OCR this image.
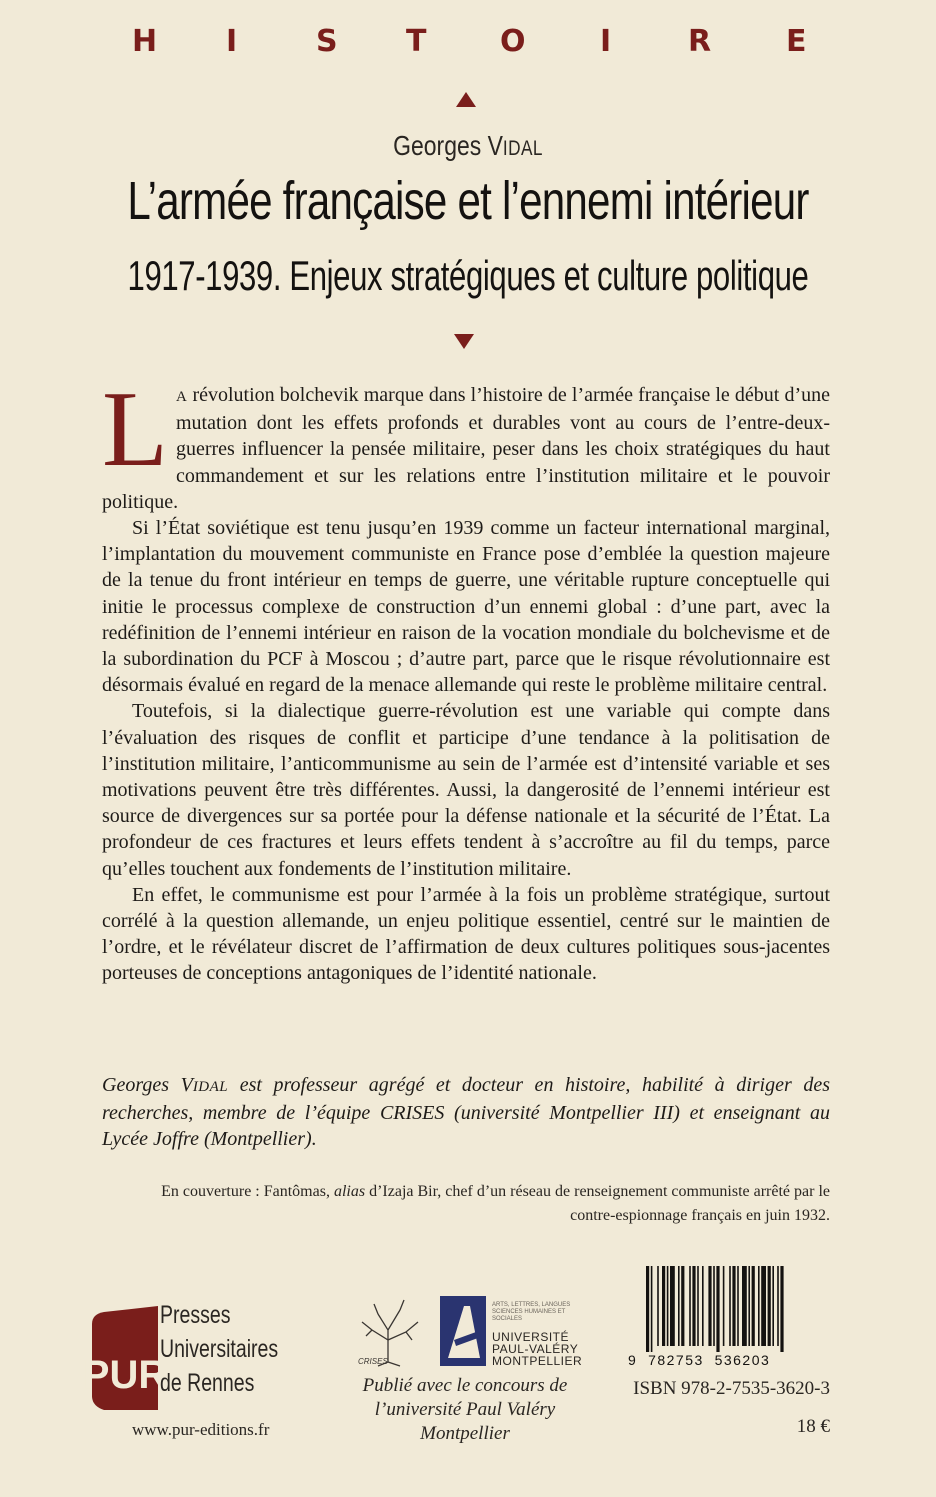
H I	S T O I	R E
Georges VIDAL
L’armée française et l’ennemi intérieur
1917-1939. Enjeux stratégiques et culture politique

L A révolution bolchevik marque dans l’histoire de l’armée française le début d’une mutation dont les effets profonds et durables vont au cours de l’entre-deux-guerres influencer la pensée militaire, peser dans les choix stratégiques du haut commandement et sur les relations entre l’institution militaire et le pouvoir politique.

Si l’État soviétique est tenu jusqu’en 1939 comme un facteur international marginal, l’implantation du mouvement communiste en France pose d’emblée la question majeure de la tenue du front intérieur en temps de guerre, une véritable rupture conceptuelle qui initie le processus complexe de construction d’un ennemi global : d’une part, avec la redéfinition de l’ennemi intérieur en raison de la vocation mondiale du bolchevisme et de la subordination du PCF à Moscou ; d’autre part, parce que le risque révolutionnaire est désormais évalué en regard de la menace allemande qui reste le problème militaire central.

Toutefois, si la dialectique guerre-révolution est une variable qui compte dans l’évaluation des risques de conflit et participe d’une tendance à la politisation de l’institution militaire, l’anticommunisme au sein de l’armée est d’intensité variable et ses motivations peuvent être très différentes. Aussi, la dangerosité de l’ennemi intérieur est source de divergences sur sa portée pour la défense nationale et la sécurité de l’État. La profondeur de ces fractures et leurs effets tendent à s’accroître au fil du temps, parce qu’elles touchent aux fondements de l’institution militaire.

En effet, le communisme est pour l’armée à la fois un problème stratégique, surtout corrélé à la question allemande, un enjeu politique essentiel, centré sur le maintien de l’ordre, et le révélateur discret de l’affirmation de deux cultures politiques sous-jacentes porteuses de conceptions antagoniques de l’identité nationale.

Georges VIDAL est professeur agrégé et docteur en histoire, habilité à diriger des recherches, membre de l’équipe CRISES (université Montpellier III) et enseignant au Lycée Joffre (Montpellier).
En couverture : Fantômas, alias d’Izaja Bir, chef d’un réseau de renseignement communiste arrêté par le contre-espionnage français en juin 1932.
PUR
Presses
Universitaires
de Rennes
www.pur-editions.fr
CRISES
ARTS, LETTRES, LANGUES SCIENCES HUMAINES ET SOCIALES
UNIVERSITÉ
PAUL-VALÉRY
MONTPELLIER
Publié avec le concours de
l’université Paul Valéry
Montpellier
9 782753 536203
ISBN 978-2-7535-3620-3
18 €
